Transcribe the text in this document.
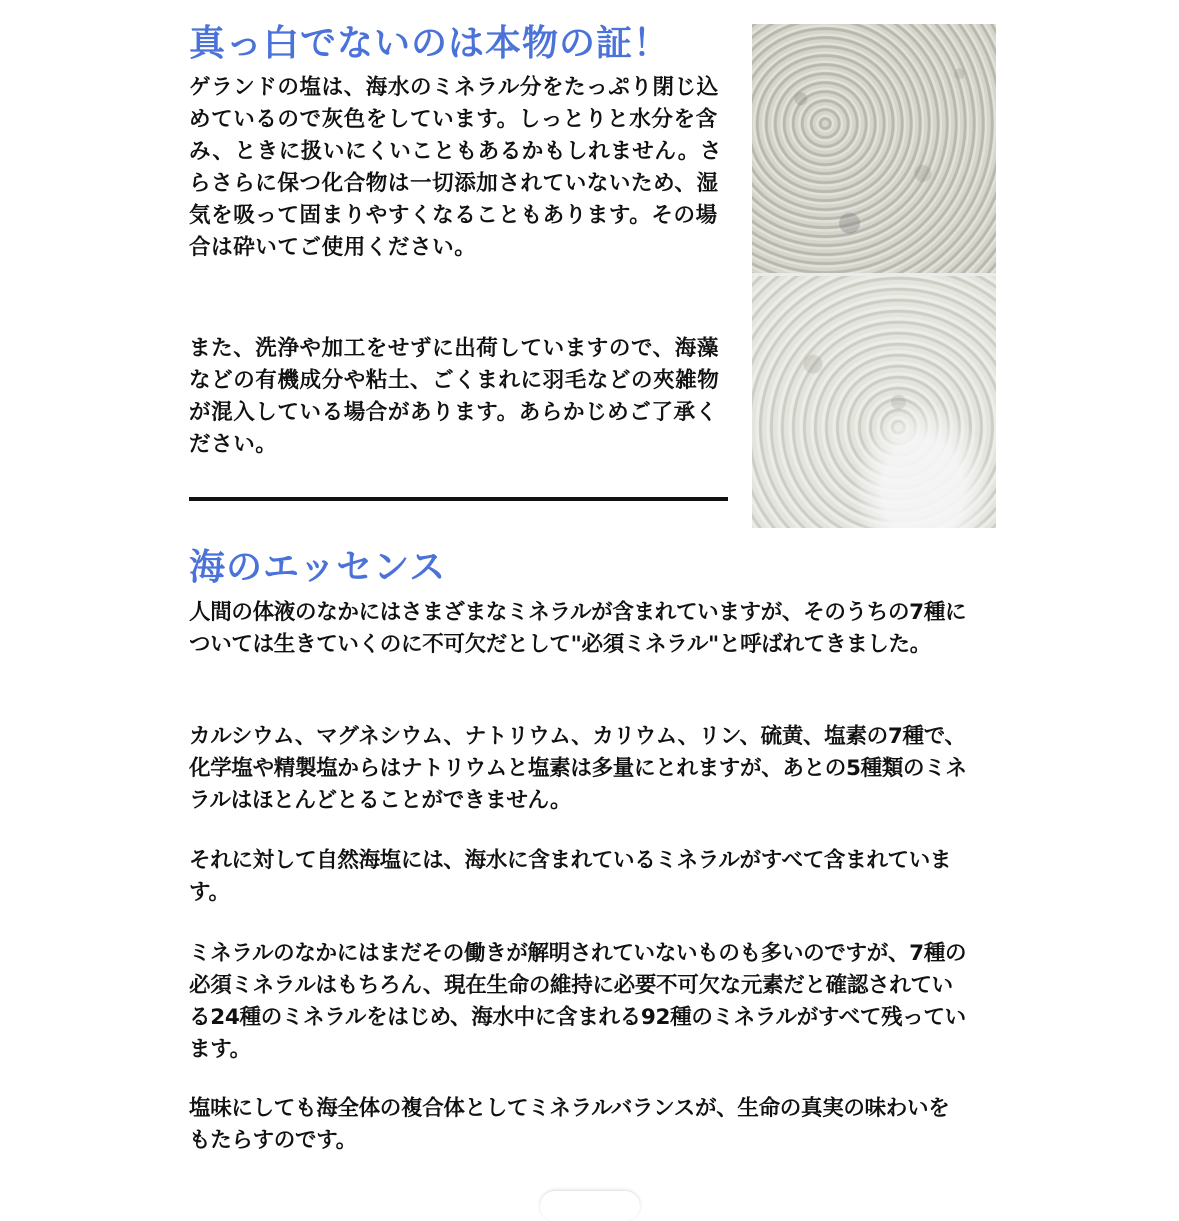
真っ白でないのは本物の証！

ゲランドの塩は、海水のミネラル分をたっぷり閉じ込めているので灰色をしています。しっとりと水分を含み、ときに扱いにくいこともあるかもしれません。さらさらに保つ化合物は一切添加されていないため、湿気を吸って固まりやすくなることもあります。その場合は砕いてご使用ください。

また、洗浄や加工をせずに出荷していますので、海藻などの有機成分や粘土、ごくまれに羽毛などの夾雑物が混入している場合があります。あらかじめご了承ください。

海のエッセンス

人間の体液のなかにはさまざまなミネラルが含まれていますが、そのうちの7種については生きていくのに不可欠だとして"必須ミネラル"と呼ばれてきました。

カルシウム、マグネシウム、ナトリウム、カリウム、リン、硫黄、塩素の7種で、化学塩や精製塩からはナトリウムと塩素は多量にとれますが、あとの5種類のミネラルはほとんどとることができません。

それに対して自然海塩には、海水に含まれているミネラルがすべて含まれています。

ミネラルのなかにはまだその働きが解明されていないものも多いのですが、7種の必須ミネラルはもちろん、現在生命の維持に必要不可欠な元素だと確認されている24種のミネラルをはじめ、海水中に含まれる92種のミネラルがすべて残っています。

塩味にしても海全体の複合体としてミネラルバランスが、生命の真実の味わいをもたらすのです。
